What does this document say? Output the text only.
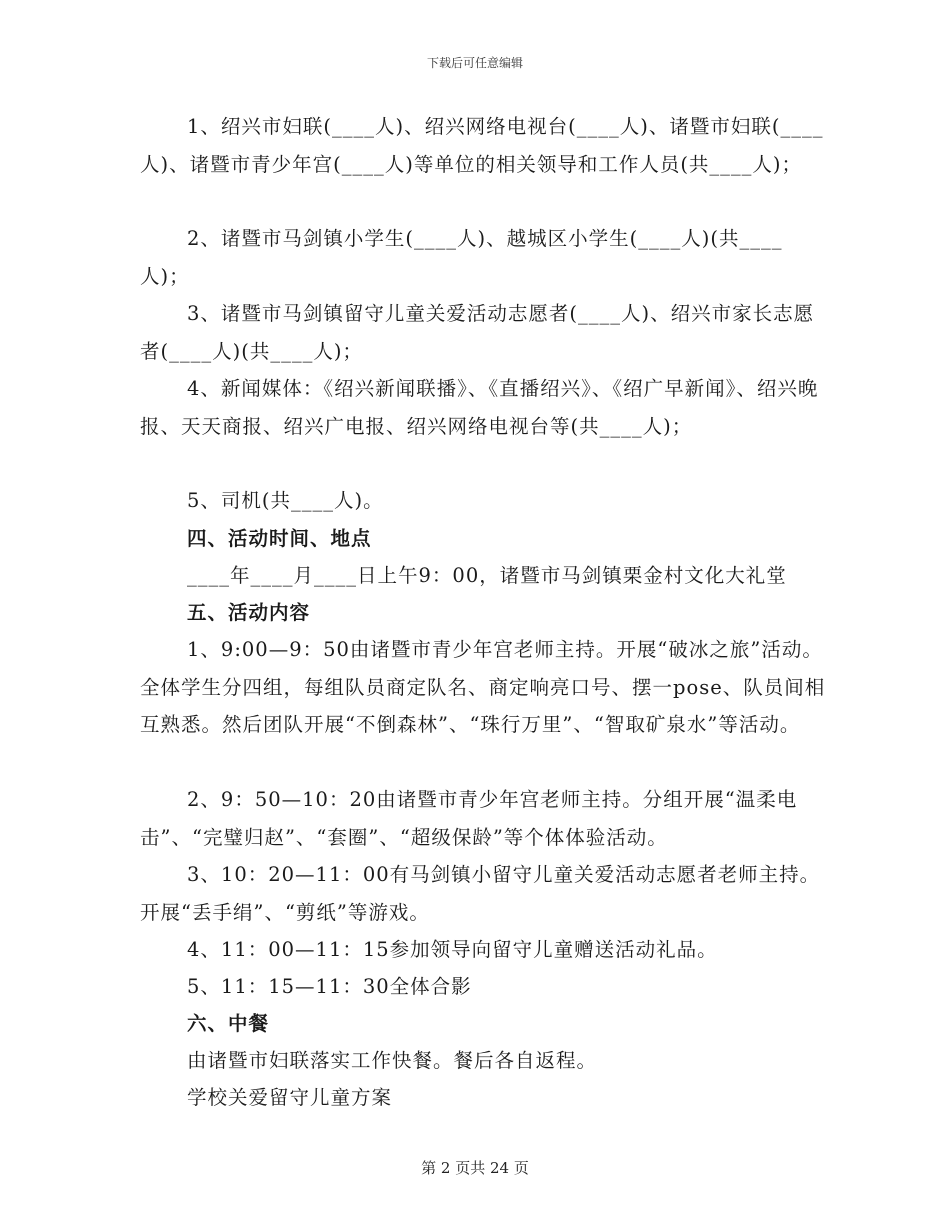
下载后可任意编辑
1、绍兴市妇联(____人)、绍兴网络电视台(____人)、诸暨市妇联(____人)、诸暨市青少年宫(____人)等单位的相关领导和工作人员(共____人)；
2、诸暨市马剑镇小学生(____人)、越城区小学生(____人)(共____人)；
3、诸暨市马剑镇留守儿童关爱活动志愿者(____人)、绍兴市家长志愿者(____人)(共____人)；
4、新闻媒体：《绍兴新闻联播》、《直播绍兴》、《绍广早新闻》、绍兴晚报、天天商报、绍兴广电报、绍兴网络电视台等(共____人)；
5、司机(共____人)。
四、活动时间、地点
____年____月____日上午9：00，诸暨市马剑镇栗金村文化大礼堂
五、活动内容
1、9:00—9：50由诸暨市青少年宫老师主持。开展“破冰之旅”活动。全体学生分四组，每组队员商定队名、商定响亮口号、摆一pose、队员间相互熟悉。然后团队开展“不倒森林”、“珠行万里”、“智取矿泉水”等活动。
2、9：50—10：20由诸暨市青少年宫老师主持。分组开展“温柔电击”、“完璧归赵”、“套圈”、“超级保龄”等个体体验活动。
3、10：20—11：00有马剑镇小留守儿童关爱活动志愿者老师主持。开展“丢手绢”、“剪纸”等游戏。
4、11：00—11：15参加领导向留守儿童赠送活动礼品。
5、11：15—11：30全体合影
六、中餐
由诸暨市妇联落实工作快餐。餐后各自返程。
学校关爱留守儿童方案
第 2 页共 24 页
